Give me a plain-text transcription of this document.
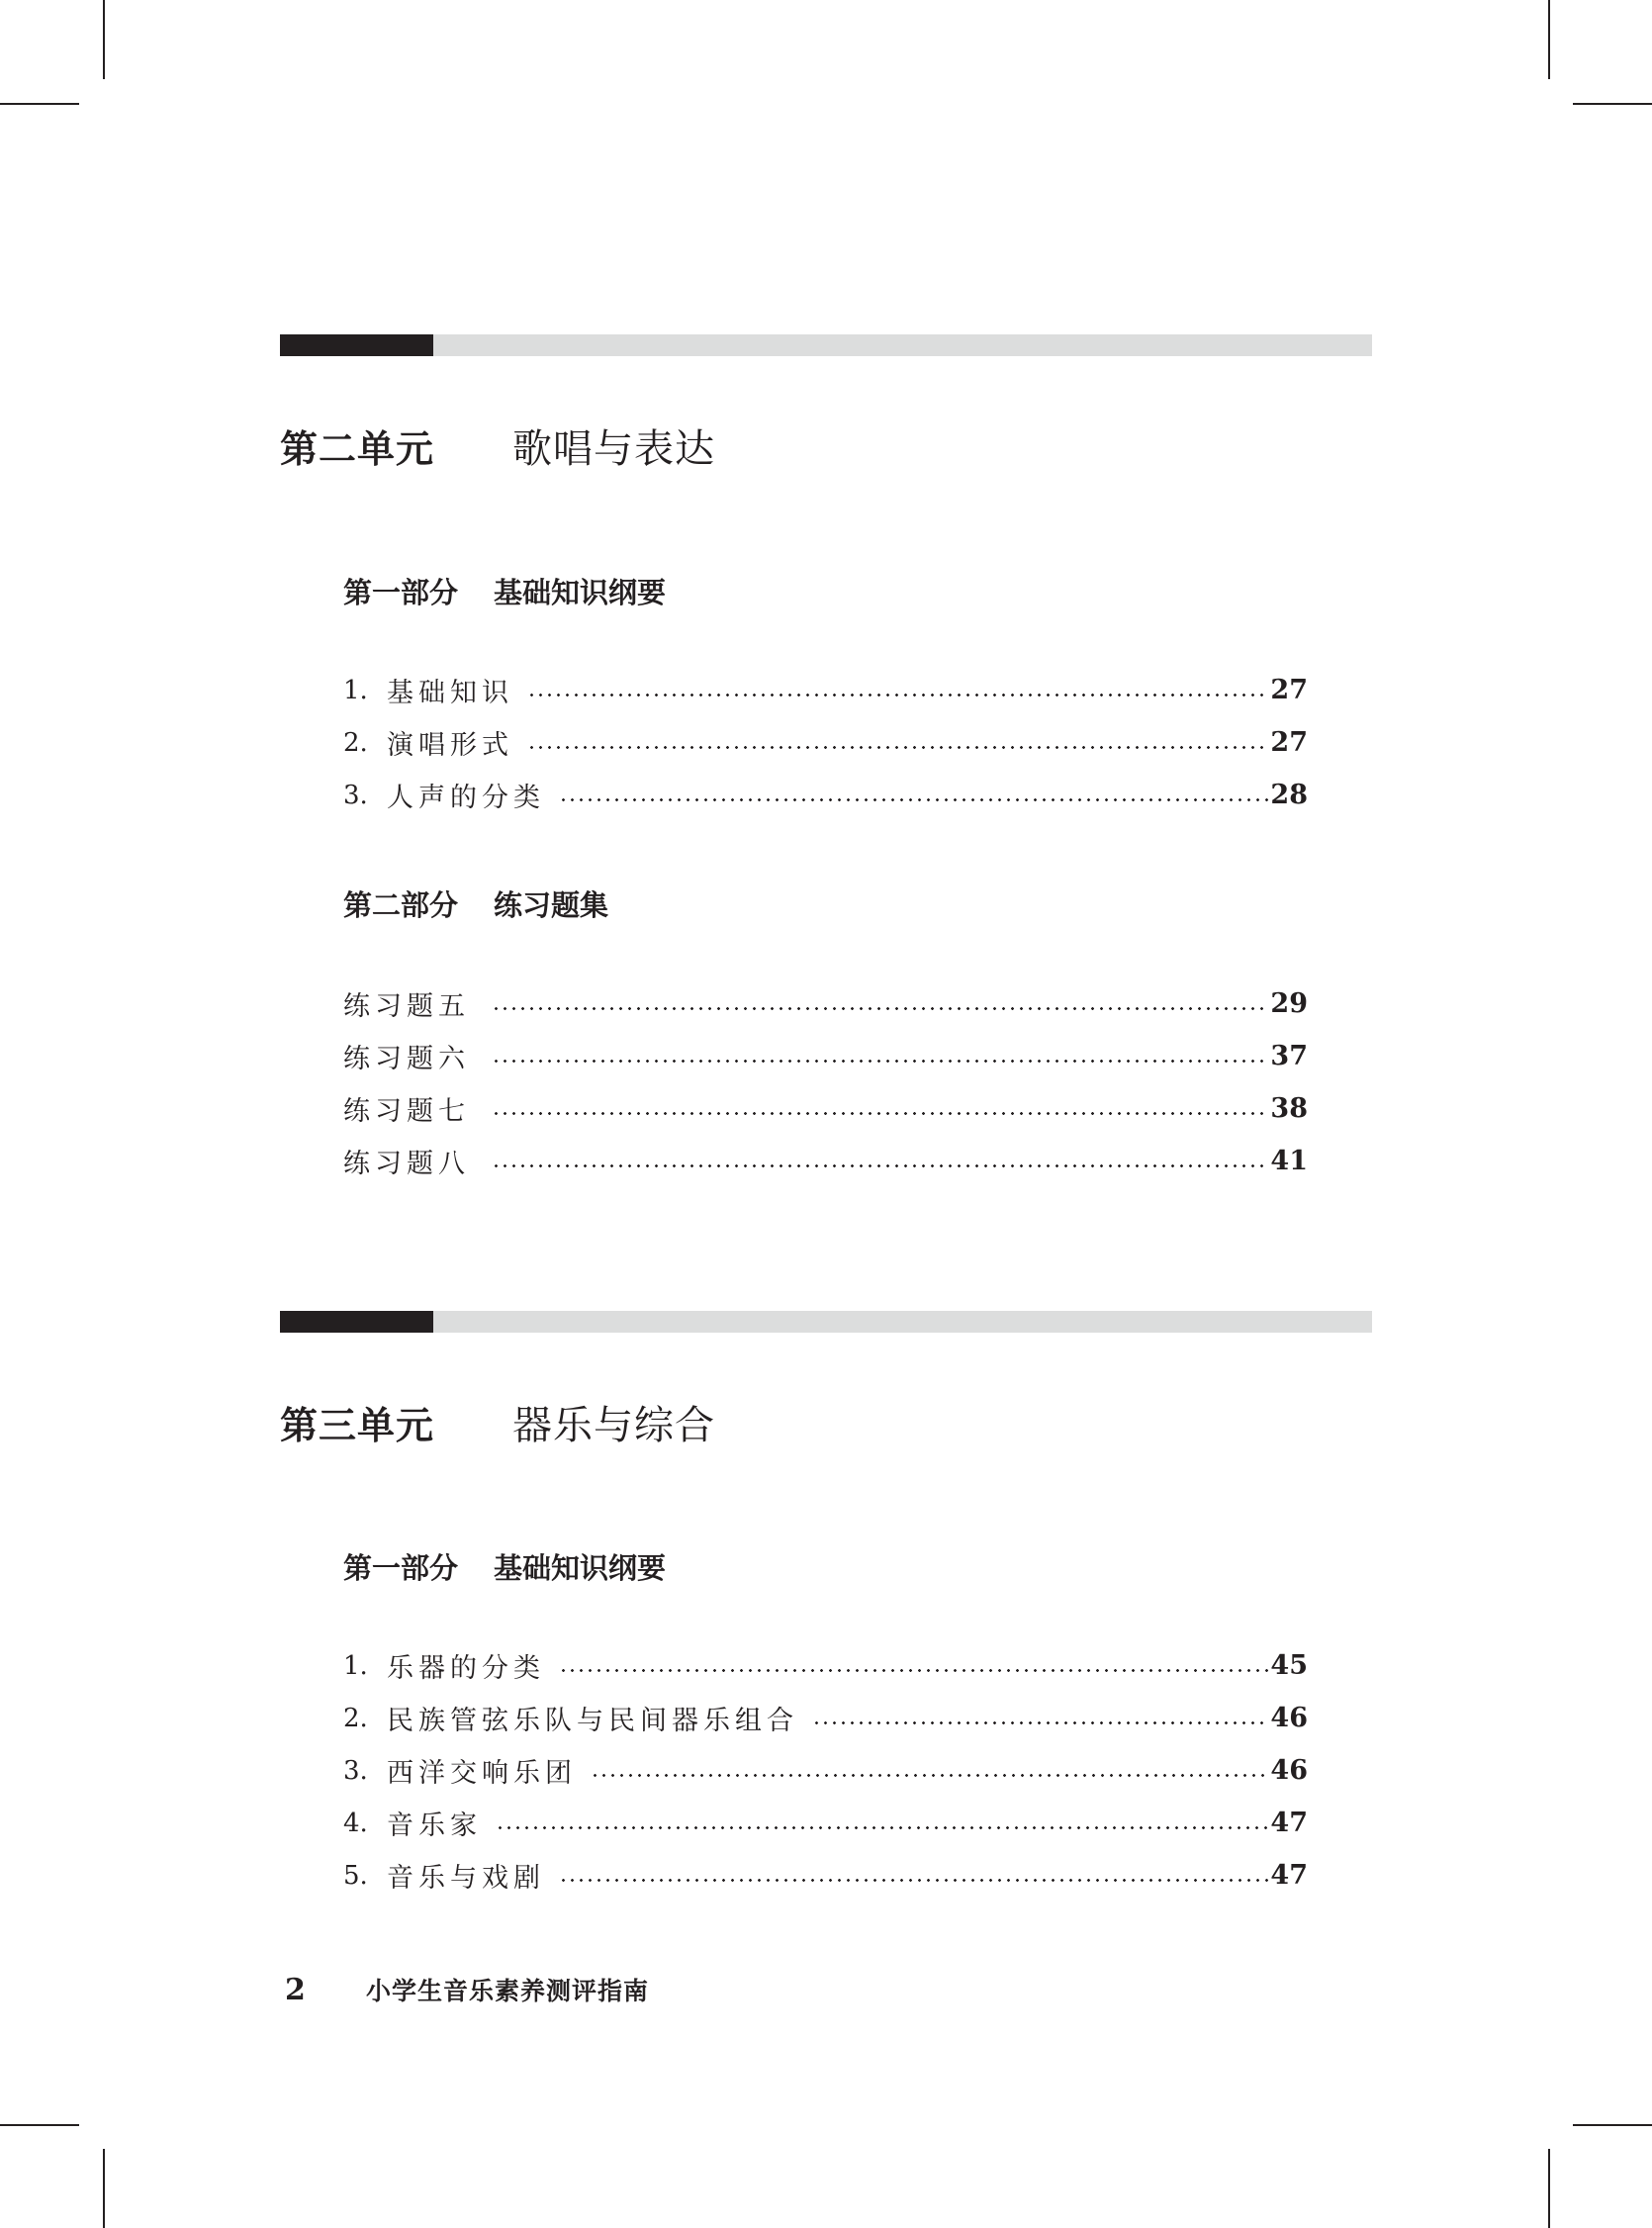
第二单元	歌唱与表达
第一部分 基础知识纲要
1. 基础知识	27
2. 演唱形式	27
3. 人声的分类	28
第二部分 练习题集
练习题五	29
练习题六	37
练习题七	38
练习题八	41
第三单元	器乐与综合
第一部分 基础知识纲要
1. 乐器的分类	45
2. 民族管弦乐队与民间器乐组合	46
3. 西洋交响乐团	46
4. 音乐家	47
5. 音乐与戏剧	47
2	小学生音乐素养测评指南
